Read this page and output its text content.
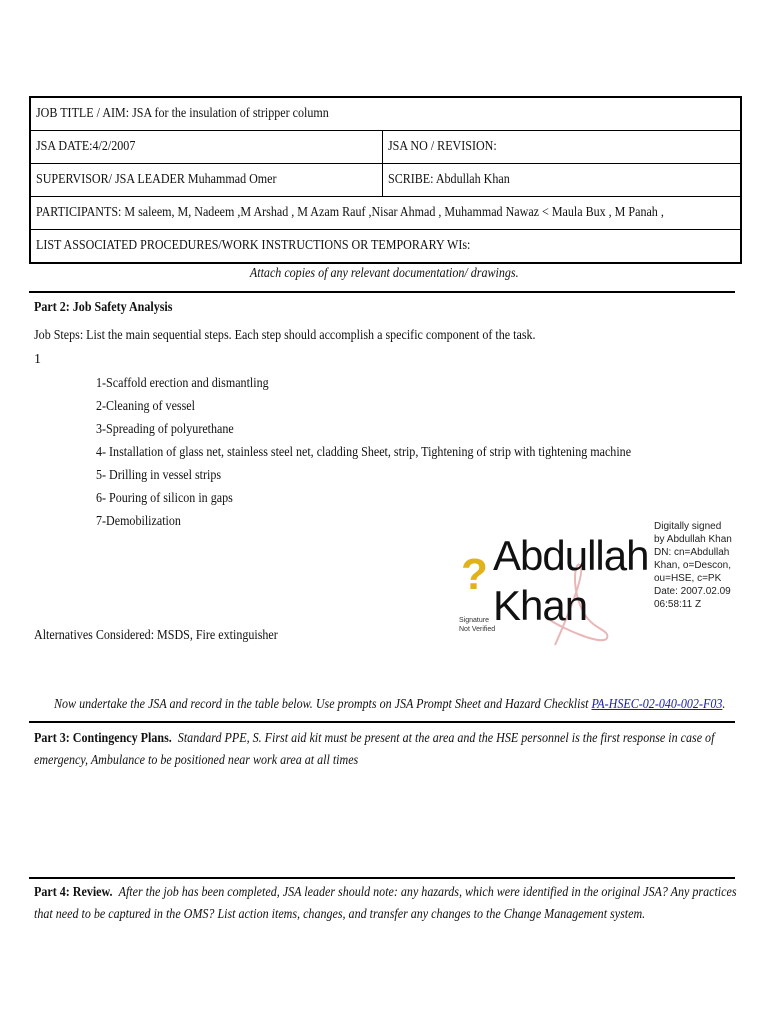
JOB TITLE / AIM: JSA for the insulation of stripper column
JSA DATE:4/2/2007	JSA NO / REVISION:
SUPERVISOR/ JSA LEADER Muhammad Omer	SCRIBE: Abdullah Khan
PARTICIPANTS: M saleem, M, Nadeem ,M Arshad , M Azam Rauf ,Nisar Ahmad , Muhammad Nawaz < Maula Bux , M Panah ,
LIST ASSOCIATED PROCEDURES/WORK INSTRUCTIONS OR TEMPORARY WIs:
Attach copies of any relevant documentation/ drawings.
Part 2: Job Safety Analysis
Job Steps: List the main sequential steps. Each step should accomplish a specific component of the task.
1
1-Scaffold erection and dismantling
2-Cleaning of vessel
3-Spreading of polyurethane
4- Installation of glass net, stainless steel net, cladding Sheet, strip, Tightening of strip with tightening machine
5- Drilling in vessel strips
6- Pouring of silicon in gaps
7-Demobilization
?
Signature
Not Verified
Abdullah
Khan
Digitally signed
by Abdullah Khan
DN: cn=Abdullah
Khan, o=Descon,
ou=HSE, c=PK
Date: 2007.02.09
06:58:11 Z
Alternatives Considered: MSDS, Fire extinguisher
Now undertake the JSA and record in the table below. Use prompts on JSA Prompt Sheet and Hazard Checklist PA-HSEC-02-040-002-F03.
Part 3: Contingency Plans. Standard PPE, S. First aid kit must be present at the area and the HSE personnel is the first response in case of
emergency, Ambulance to be positioned near work area at all times
Part 4: Review. After the job has been completed, JSA leader should note: any hazards, which were identified in the original JSA? Any practices
that need to be captured in the OMS? List action items, changes, and transfer any changes to the Change Management system.
